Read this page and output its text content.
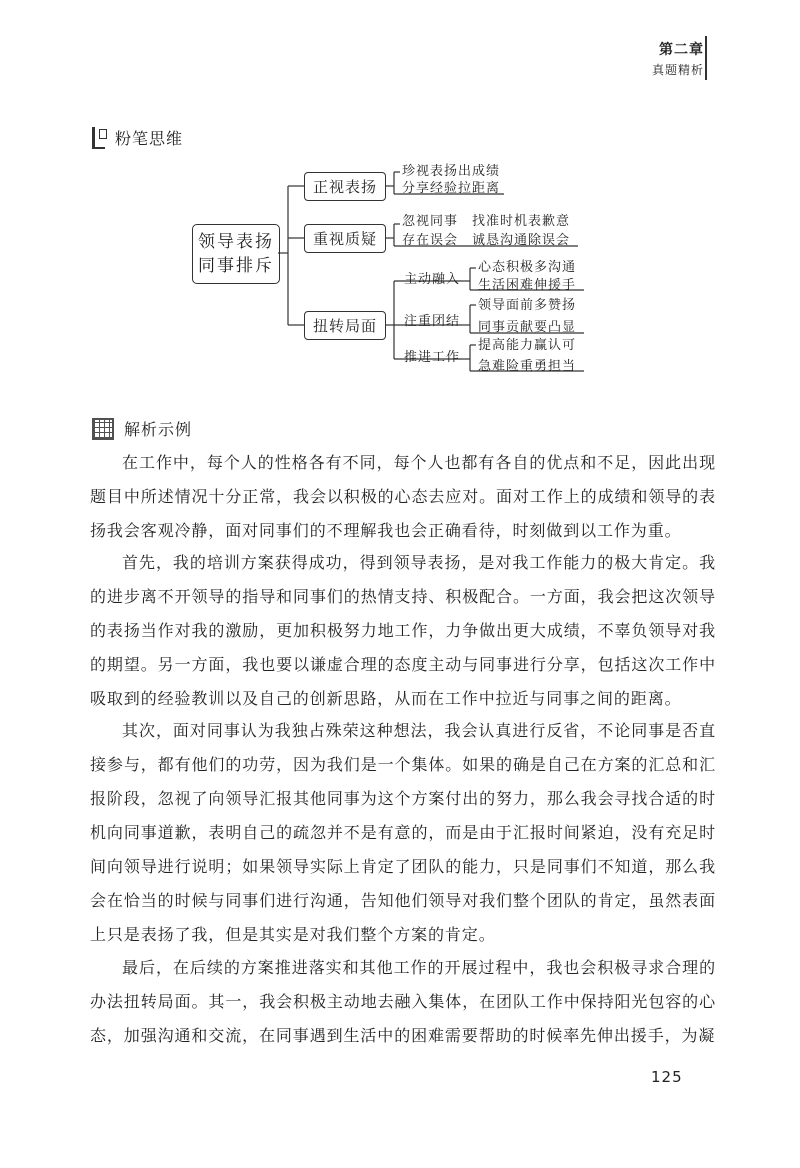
第二章
真题精析
粉笔思维
领导表扬
同事排斥
正视表扬
重视质疑
扭转局面
珍视表扬出成绩
分享经验拉距离
忽视同事　找准时机表歉意
存在误会　诚恳沟通除误会
主动融入
注重团结
推进工作
心态积极多沟通
生活困难伸援手
领导面前多赞扬
同事贡献要凸显
提高能力赢认可
急难险重勇担当
解析示例

在工作中，每个人的性格各有不同，每个人也都有各自的优点和不足，因此出现题目中所述情况十分正常，我会以积极的心态去应对。面对工作上的成绩和领导的表扬我会客观冷静，面对同事们的不理解我也会正确看待，时刻做到以工作为重。

首先，我的培训方案获得成功，得到领导表扬，是对我工作能力的极大肯定。我的进步离不开领导的指导和同事们的热情支持、积极配合。一方面，我会把这次领导的表扬当作对我的激励，更加积极努力地工作，力争做出更大成绩，不辜负领导对我的期望。另一方面，我也要以谦虚合理的态度主动与同事进行分享，包括这次工作中吸取到的经验教训以及自己的创新思路，从而在工作中拉近与同事之间的距离。

其次，面对同事认为我独占殊荣这种想法，我会认真进行反省，不论同事是否直接参与，都有他们的功劳，因为我们是一个集体。如果的确是自己在方案的汇总和汇报阶段，忽视了向领导汇报其他同事为这个方案付出的努力，那么我会寻找合适的时机向同事道歉，表明自己的疏忽并不是有意的，而是由于汇报时间紧迫，没有充足时间向领导进行说明；如果领导实际上肯定了团队的能力，只是同事们不知道，那么我会在恰当的时候与同事们进行沟通，告知他们领导对我们整个团队的肯定，虽然表面上只是表扬了我，但是其实是对我们整个方案的肯定。

最后，在后续的方案推进落实和其他工作的开展过程中，我也会积极寻求合理的办法扭转局面。其一，我会积极主动地去融入集体，在团队工作中保持阳光包容的心态，加强沟通和交流，在同事遇到生活中的困难需要帮助的时候率先伸出援手，为凝

125
